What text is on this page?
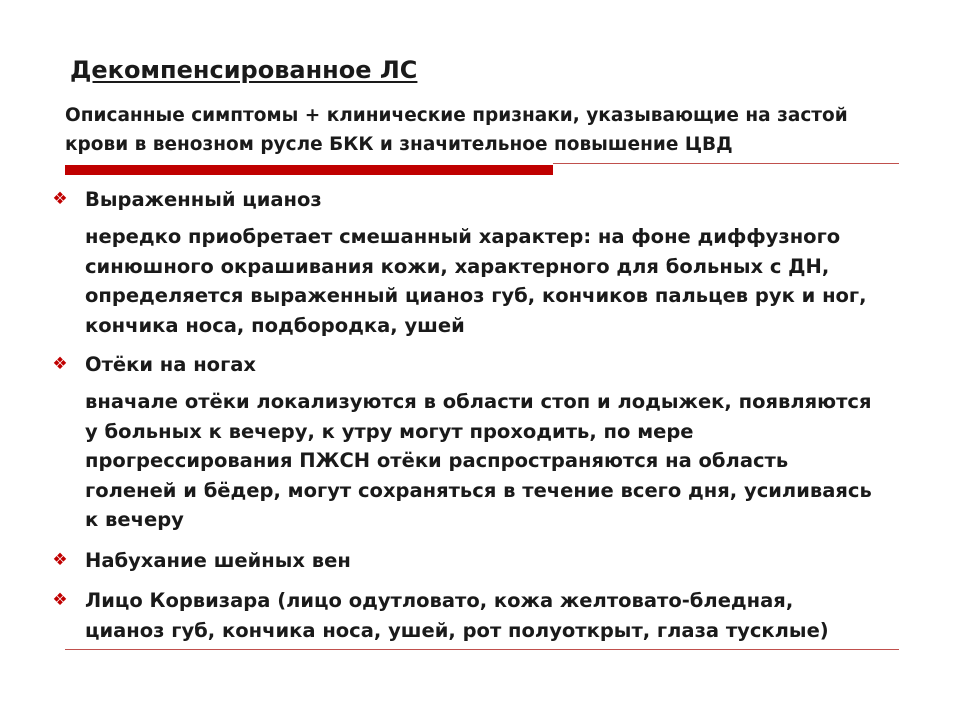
Декомпенсированное ЛС
Описанные симптомы + клинические признаки, указывающие на застой
крови в венозном русле БКК и значительное повышение ЦВД
❖ Выраженный цианоз
нередко приобретает смешанный характер: на фоне диффузного
синюшного окрашивания кожи, характерного для больных с ДН,
определяется выраженный цианоз губ, кончиков пальцев рук и ног,
кончика носа, подбородка, ушей
❖ Отёки на ногах
вначале отёки локализуются в области стоп и лодыжек, появляются
у больных к вечеру, к утру могут проходить, по мере
прогрессирования ПЖСН отёки распространяются на область
голеней и бёдер, могут сохраняться в течение всего дня, усиливаясь
к вечеру
❖ Набухание шейных вен
❖ Лицо Корвизара (лицо одутловато, кожа желтовато-бледная,
цианоз губ, кончика носа, ушей, рот полуоткрыт, глаза тусклые)
